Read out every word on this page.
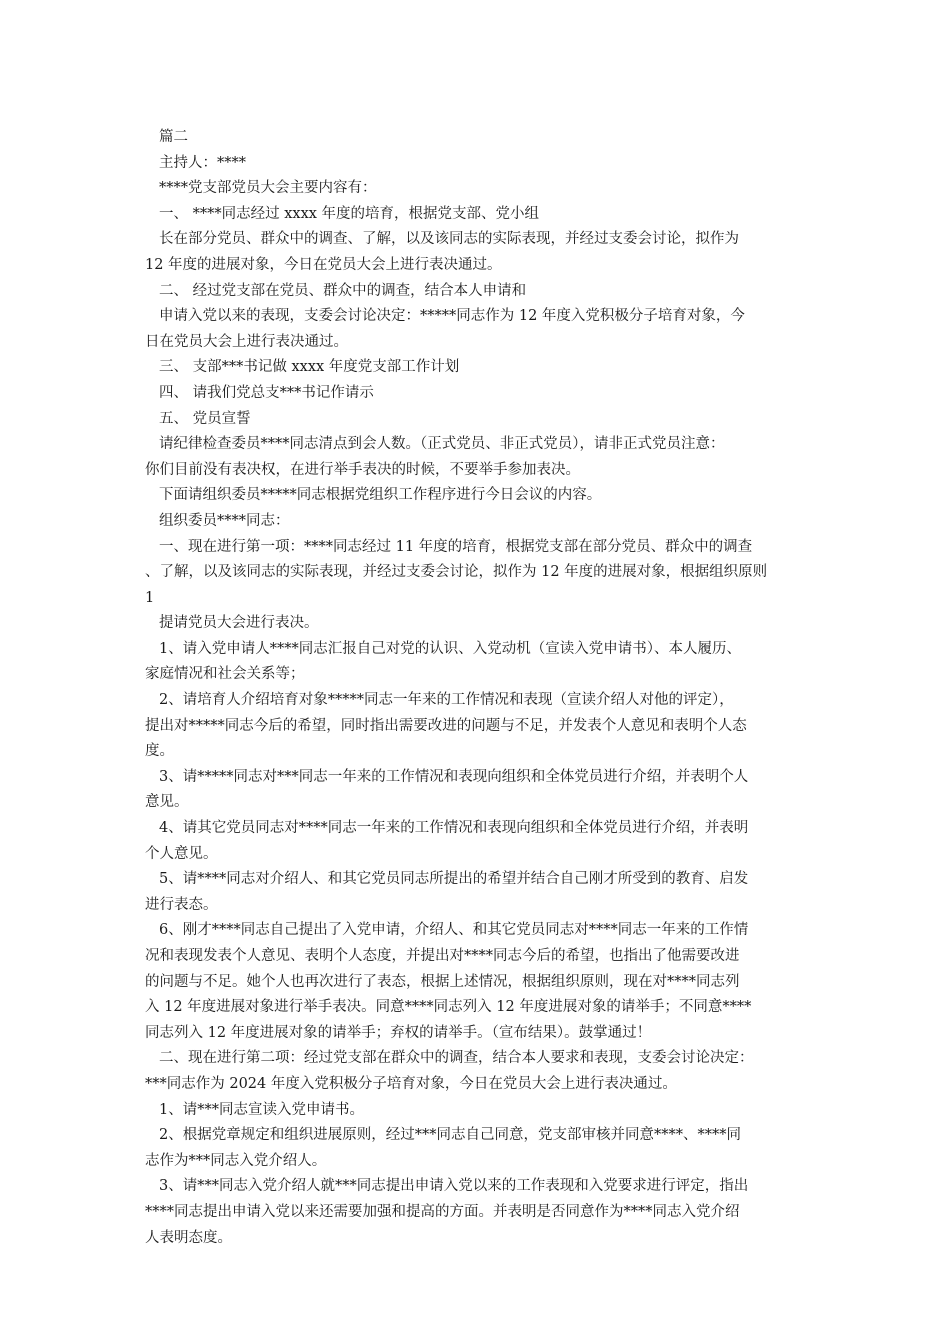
篇二
主持人：****
****党支部党员大会主要内容有：
一、 ****同志经过 xxxx 年度的培育，根据党支部、党小组
长在部分党员、群众中的调查、了解，以及该同志的实际表现，并经过支委会讨论，拟作为
12 年度的进展对象，今日在党员大会上进行表决通过。
二、 经过党支部在党员、群众中的调查，结合本人申请和
申请入党以来的表现，支委会讨论决定：*****同志作为 12 年度入党积极分子培育对象，今
日在党员大会上进行表决通过。
三、 支部***书记做 xxxx 年度党支部工作计划
四、 请我们党总支***书记作请示
五、 党员宣誓
请纪律检查委员****同志清点到会人数。（正式党员、非正式党员），请非正式党员注意：
你们目前没有表决权，在进行举手表决的时候，不要举手参加表决。
下面请组织委员*****同志根据党组织工作程序进行今日会议的内容。
组织委员****同志：
一、现在进行第一项：****同志经过 11 年度的培育，根据党支部在部分党员、群众中的调查
、了解，以及该同志的实际表现，并经过支委会讨论，拟作为 12 年度的进展对象，根据组织原则
1
提请党员大会进行表决。
1、请入党申请人****同志汇报自己对党的认识、入党动机（宣读入党申请书）、本人履历、
家庭情况和社会关系等；
2、请培育人介绍培育对象*****同志一年来的工作情况和表现（宣读介绍人对他的评定），
提出对*****同志今后的希望，同时指出需要改进的问题与不足，并发表个人意见和表明个人态
度。
3、请*****同志对***同志一年来的工作情况和表现向组织和全体党员进行介绍，并表明个人
意见。
4、请其它党员同志对****同志一年来的工作情况和表现向组织和全体党员进行介绍，并表明
个人意见。
5、请****同志对介绍人、和其它党员同志所提出的希望并结合自己刚才所受到的教育、启发
进行表态。
6、刚才****同志自己提出了入党申请，介绍人、和其它党员同志对****同志一年来的工作情
况和表现发表个人意见、表明个人态度，并提出对****同志今后的希望，也指出了他需要改进
的问题与不足。她个人也再次进行了表态，根据上述情况，根据组织原则，现在对****同志列
入 12 年度进展对象进行举手表决。同意****同志列入 12 年度进展对象的请举手；不同意****
同志列入 12 年度进展对象的请举手；弃权的请举手。（宣布结果）。鼓掌通过！
二、现在进行第二项：经过党支部在群众中的调查，结合本人要求和表现，支委会讨论决定：
***同志作为 2024 年度入党积极分子培育对象，今日在党员大会上进行表决通过。
1、请***同志宣读入党申请书。
2、根据党章规定和组织进展原则，经过***同志自己同意，党支部审核并同意****、****同
志作为***同志入党介绍人。
3、请***同志入党介绍人就***同志提出申请入党以来的工作表现和入党要求进行评定，指出
****同志提出申请入党以来还需要加强和提高的方面。并表明是否同意作为****同志入党介绍
人表明态度。
